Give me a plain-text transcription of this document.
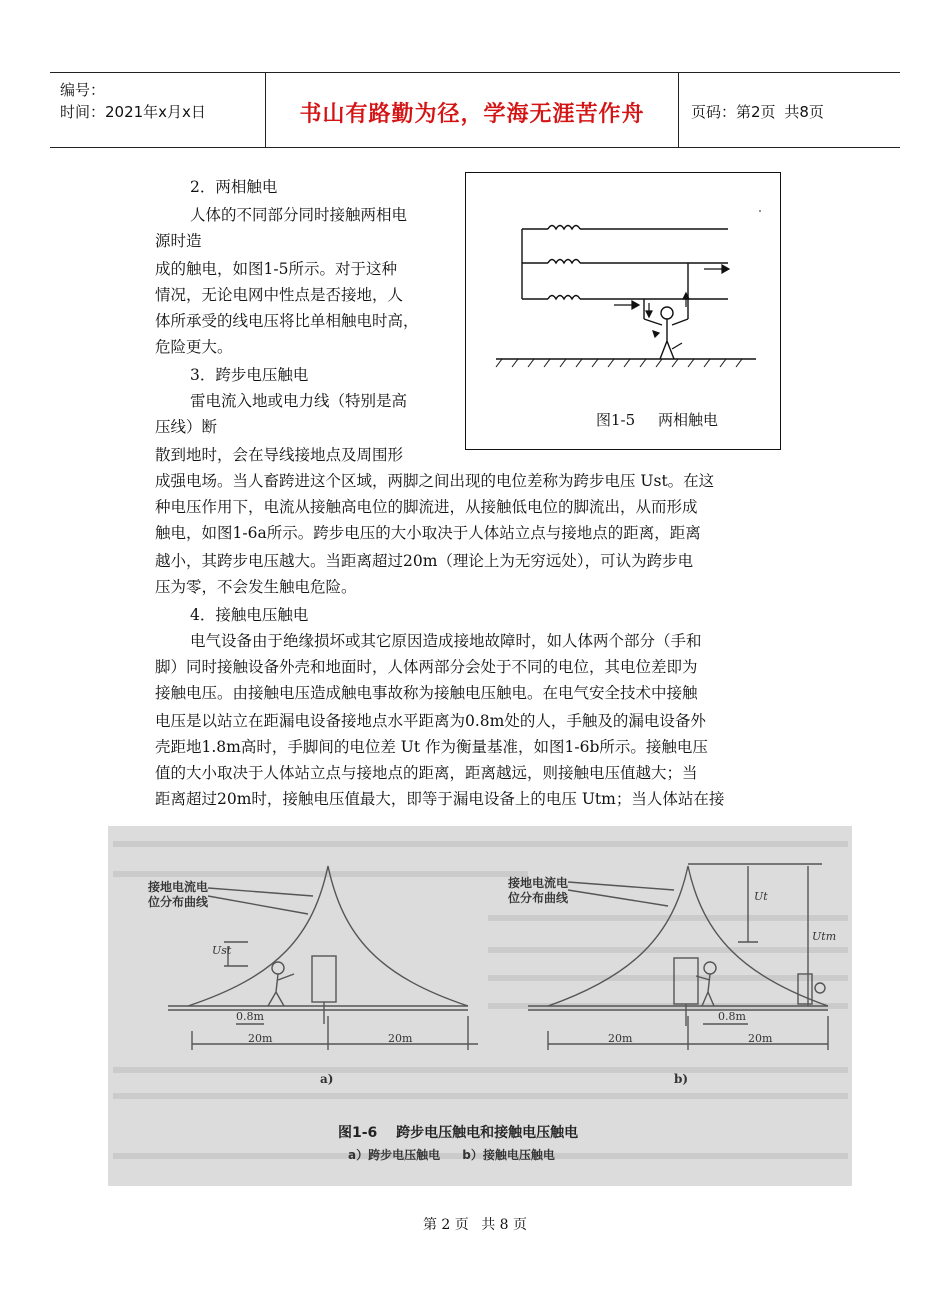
编号：
时间：2021年x月x日	书山有路勤为径，学海无涯苦作舟	页码：第2页 共8页
2．两相触电
人体的不同部分同时接触两相电
源时造
成的触电，如图1-5所示。对于这种
情况，无论电网中性点是否接地，人
体所承受的线电压将比单相触电时高，
危险更大。
3．跨步电压触电
雷电流入地或电力线（特别是高
压线）断
散到地时，会在导线接地点及周围形
成强电场。当人畜跨进这个区域，两脚之间出现的电位差称为跨步电压 Ust。在这
种电压作用下，电流从接触高电位的脚流进，从接触低电位的脚流出，从而形成
触电，如图1-6a所示。跨步电压的大小取决于人体站立点与接地点的距离，距离
越小，其跨步电压越大。当距离超过20m（理论上为无穷远处），可认为跨步电
压为零，不会发生触电危险。
4．接触电压触电
电气设备由于绝缘损坏或其它原因造成接地故障时，如人体两个部分（手和
脚）同时接触设备外壳和地面时，人体两部分会处于不同的电位，其电位差即为
接触电压。由接触电压造成触电事故称为接触电压触电。在电气安全技术中接触
电压是以站立在距漏电设备接地点水平距离为0.8m处的人，手触及的漏电设备外
壳距地1.8m高时，手脚间的电位差 Ut 作为衡量基准，如图1-6b所示。接触电压
值的大小取决于人体站立点与接地点的距离，距离越远，则接触电压值越大；当
距离超过20m时，接触电压值最大，即等于漏电设备上的电压 Utm；当人体站在接
图1-5 两相触电
接地电流电
位分布曲线
接地电流电
位分布曲线
Ust
Ut
Utm
0.8m
20m	20m
0.8m
20m	20m
a)	b)
图1-6 跨步电压触电和接触电压触电
a）跨步电压触电 b）接触电压触电
第 2 页 共 8 页
